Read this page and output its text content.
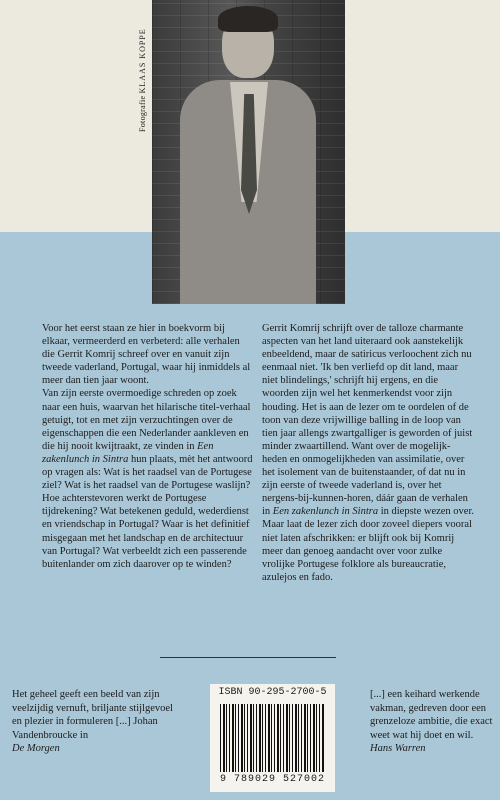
Fotografie KLAAS KOPPE

Voor het eerst staan ze hier in boekvorm bij elkaar, vermeerderd en verbeterd: alle verhalen die Gerrit Komrij schreef over en vanuit zijn tweede vaderland, Portugal, waar hij inmiddels al meer dan tien jaar woont.

Van zijn eerste overmoedige schreden op zoek naar een huis, waarvan het hilarische titel-verhaal getuigt, tot en met zijn verzuchtingen over de eigenschappen die een Nederlander aankleven en die hij nooit kwijtraakt, ze vinden in Een zakenlunch in Sintra hun plaats, mèt het antwoord op vragen als: Wat is het raadsel van de Portugese ziel? Wat is het raadsel van de Portugese waslijn? Hoe achterstevoren werkt de Portugese tijdrekening? Wat betekenen geduld, wederdienst en vriendschap in Portugal? Waar is het definitief misgegaan met het landschap en de architectuur van Portugal? Wat verbeeldt zich een passerende buitenlander om zich daarover op te winden?

Gerrit Komrij schrijft over de talloze charmante aspecten van het land uiteraard ook aanstekelijk enbeeldend, maar de satiricus verloochent zich nu eenmaal niet. 'Ik ben verliefd op dit land, maar niet blindelings,' schrijft hij ergens, en die woorden zijn wel het kenmerkendst voor zijn houding. Het is aan de lezer om te oordelen of de toon van deze vrijwillige balling in de loop van tien jaar allengs zwartgalliger is geworden of juist minder zwaartillend. Want over de mogelijk-heden en onmogelijkheden van assimilatie, over het isolement van de buitenstaander, of dat nu in zijn eerste of tweede vaderland is, over het nergens-bij-kunnen-horen, dáár gaan de verhalen in Een zakenlunch in Sintra in diepste wezen over. Maar laat de lezer zich door zoveel diepers vooral niet laten afschrikken: er blijft ook bij Komrij meer dan genoeg aandacht over voor zulke vrolijke Portugese folklore als bureaucratie, azulejos en fado.

Het geheel geeft een beeld van zijn veelzijdig vernuft, briljante stijlgevoel en plezier in formuleren [...] Johan Vandenbroucke in
De Morgen

ISBN 90-295-2700-5
9 789029 527002

[...] een keihard werkende vakman, gedreven door een grenzeloze ambitie, die exact weet wat hij doet en wil.
Hans Warren
